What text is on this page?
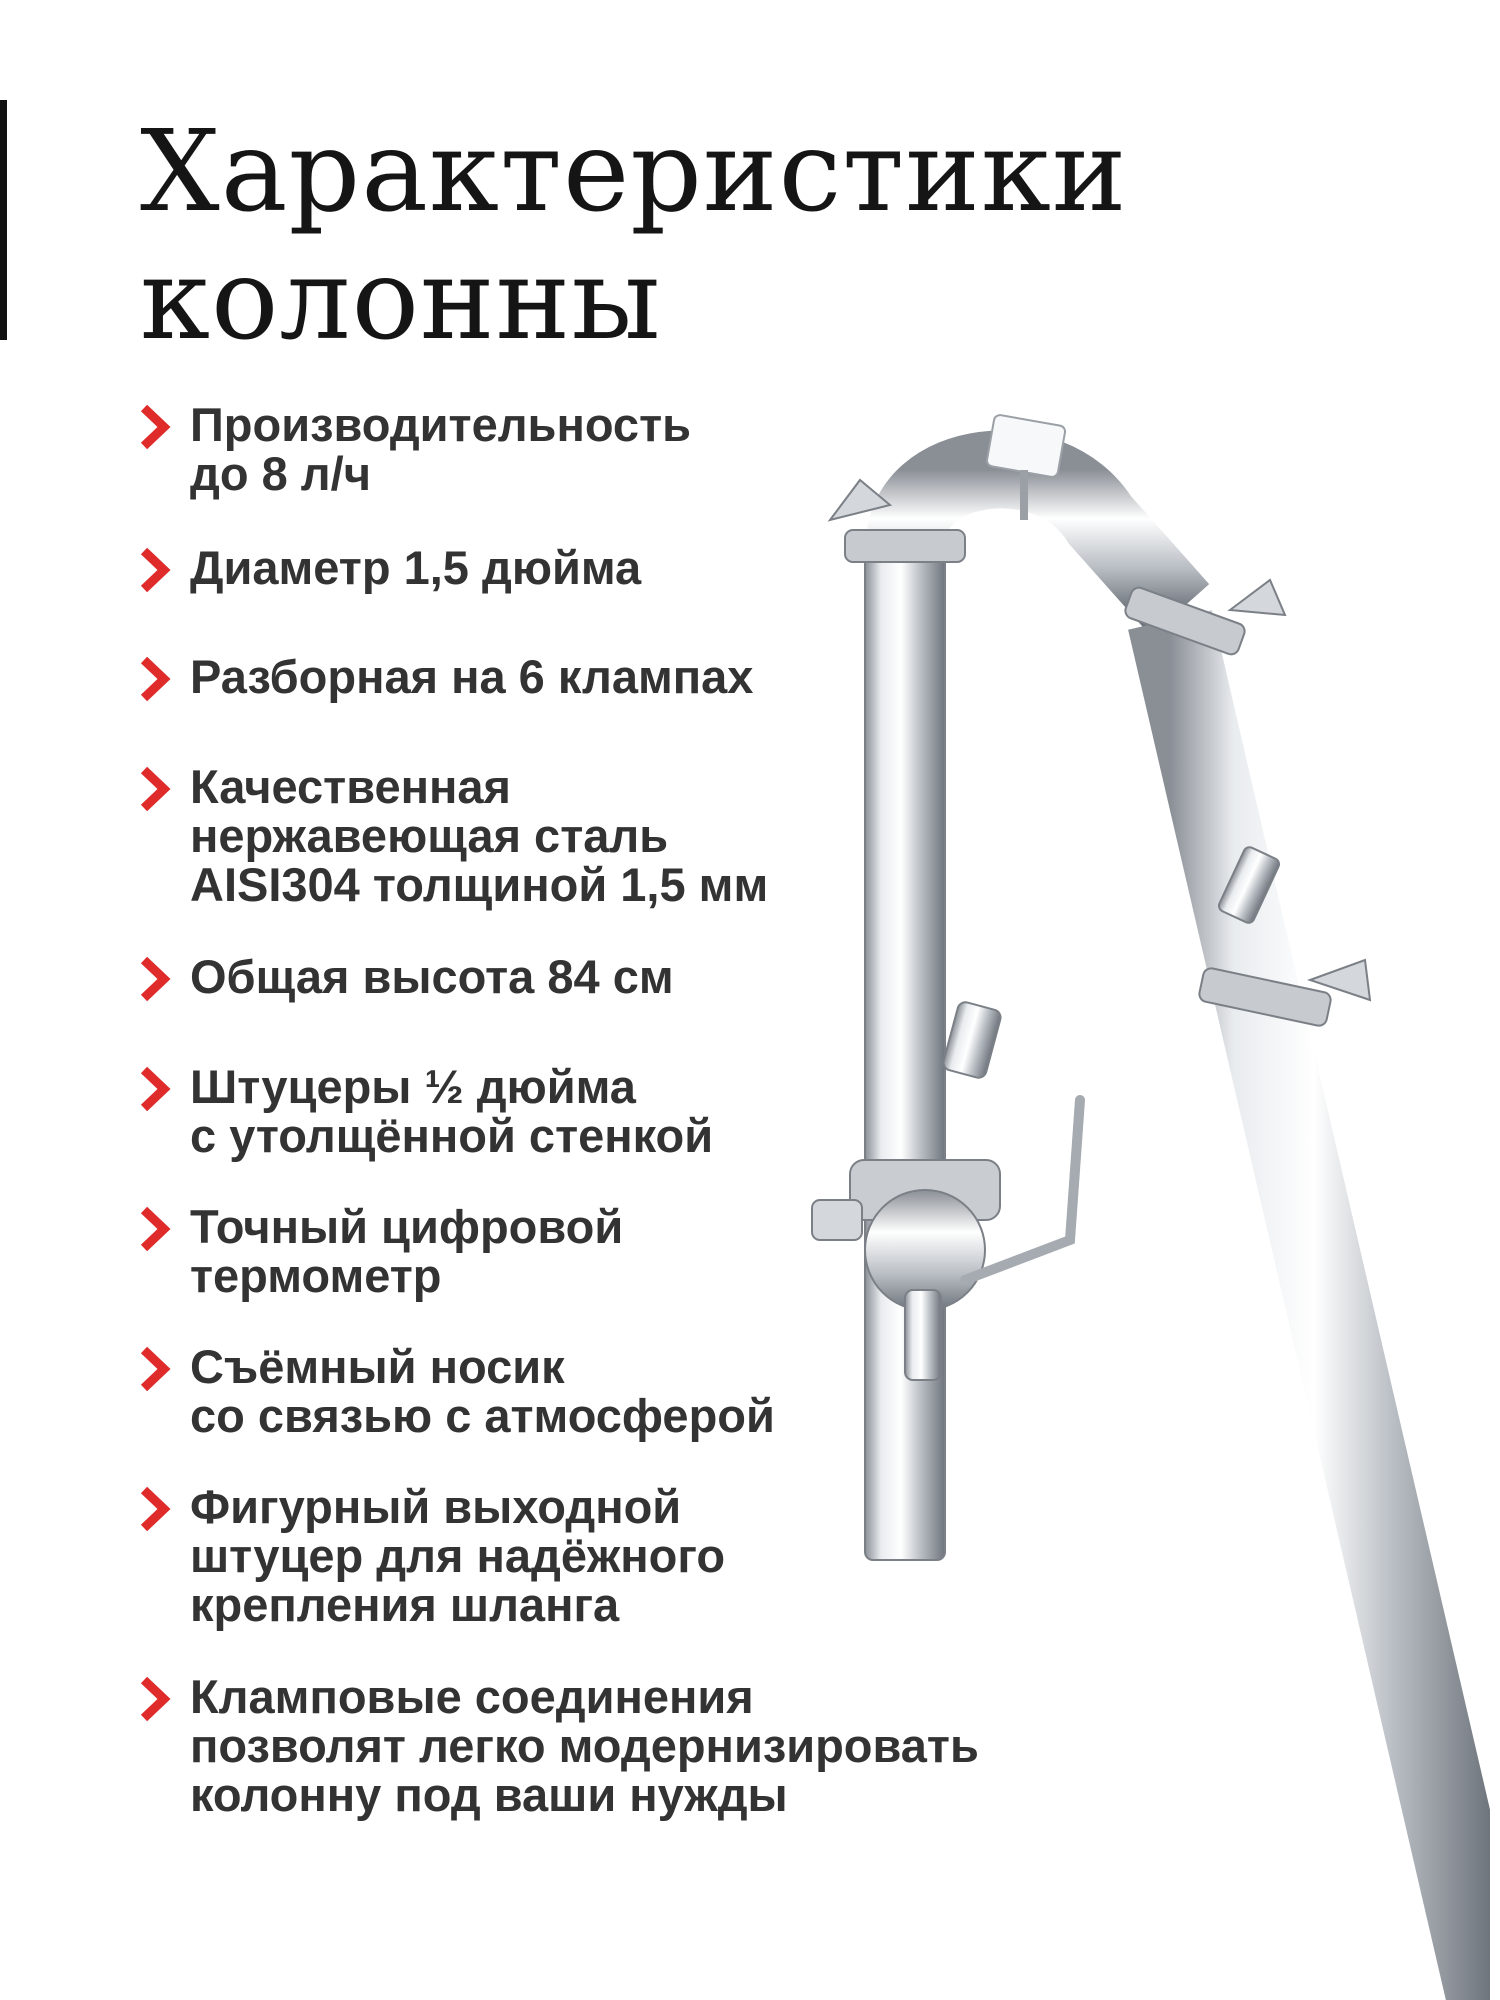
Характеристики
колонны
Производительность
до 8 л/ч
Диаметр 1,5 дюйма
Разборная на 6 клампах
Качественная
нержавеющая сталь
AISI304 толщиной 1,5 мм
Общая высота 84 см
Штуцеры ½ дюйма
с утолщённой стенкой
Точный цифровой
термометр
Съёмный носик
со связью с атмосферой
Фигурный выходной
штуцер для надёжного
крепления шланга
Кламповые соединения
позволят легко модернизировать
колонну под ваши нужды
